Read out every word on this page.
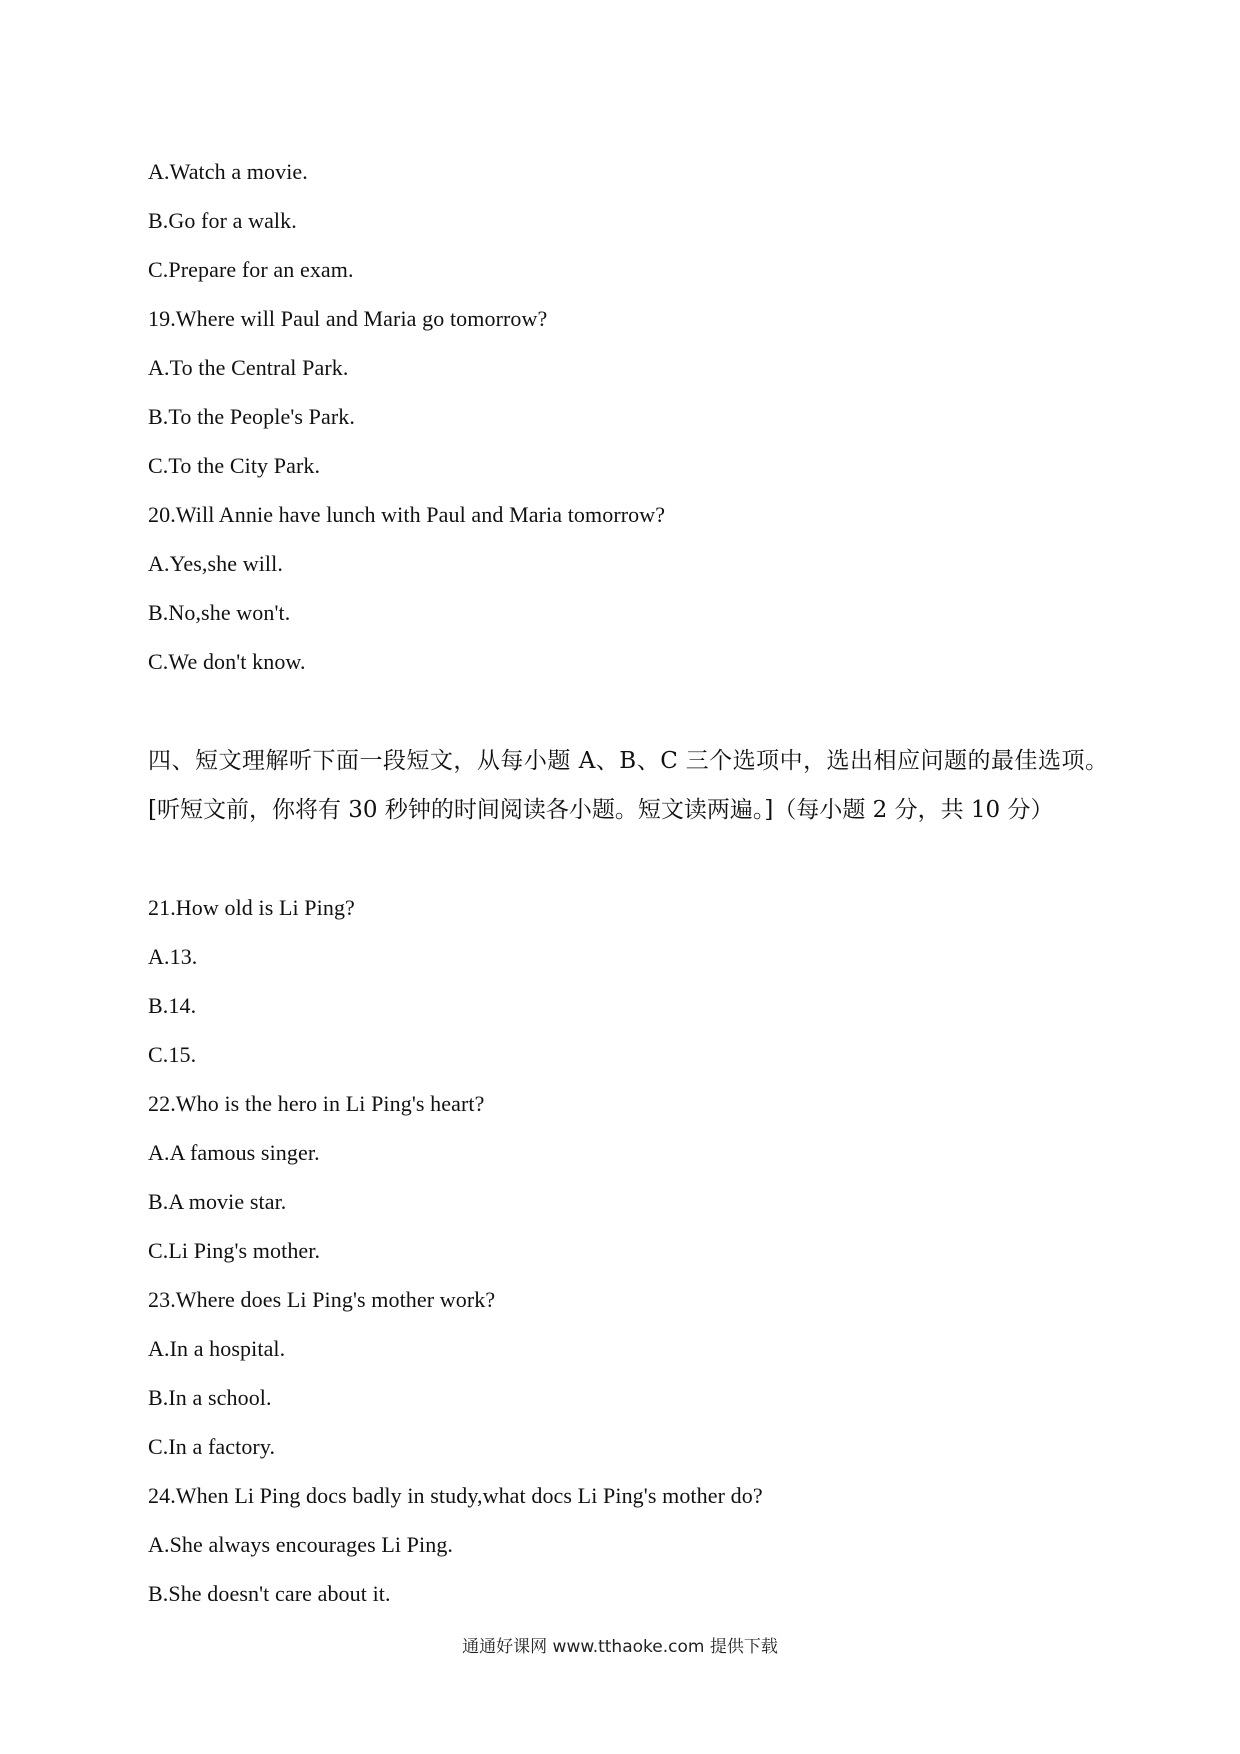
A.Watch a movie.
B.Go for a walk.
C.Prepare for an exam.
19.Where will Paul and Maria go tomorrow?
A.To the Central Park.
B.To the People's Park.
C.To the City Park.
20.Will Annie have lunch with Paul and Maria tomorrow?
A.Yes,she will.
B.No,she won't.
C.We don't know.
四、短文理解听下面一段短文，从每小题 A、B、C 三个选项中，选出相应问题的最佳选项。[听短文前，你将有 30 秒钟的时间阅读各小题。短文读两遍。]（每小题 2 分，共 10 分）
21.How old is Li Ping?
A.13.
B.14.
C.15.
22.Who is the hero in Li Ping's heart?
A.A famous singer.
B.A movie star.
C.Li Ping's mother.
23.Where does Li Ping's mother work?
A.In a hospital.
B.In a school.
C.In a factory.
24.When Li Ping docs badly in study,what docs Li Ping's mother do?
A.She always encourages Li Ping.
B.She doesn't care about it.
通通好课网 www.tthaoke.com 提供下载
